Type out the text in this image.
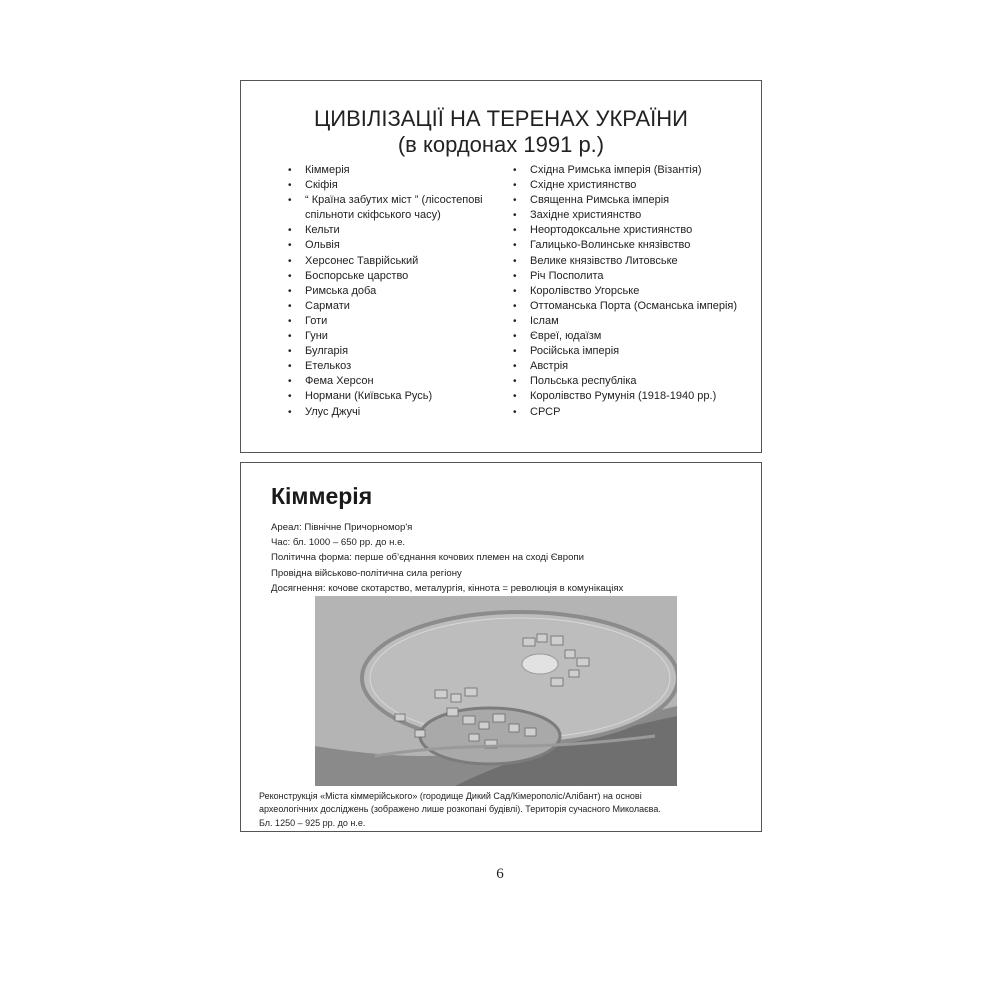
ЦИВІЛІЗАЦІЇ НА ТЕРЕНАХ УКРАЇНИ
(в кордонах 1991 р.)
• Кіммерія
• Скіфія
• “ Країна забутих міст ” (лісостепові спільноти скіфського часу)
• Кельти
• Ольвія
• Херсонес Таврійський
• Боспорське царство
• Римська доба
• Сармати
• Готи
• Гуни
• Булгарія
• Етелькоз
• Фема Херсон
• Нормани (Київська Русь)
• Улус Джучі
• Східна Римська імперія (Візантія)
• Східне християнство
• Священна Римська імперія
• Західне християнство
• Неортодоксальне християнство
• Галицько-Волинське князівство
• Велике князівство Литовське
• Річ Посполита
• Королівство Угорське
• Оттоманська Порта (Османська імперія)
• Іслам
• Євреї, юдаїзм
• Російська імперія
• Австрія
• Польська республіка
• Королівство Румунія (1918-1940 рр.)
• СРСР
Кіммерія
Ареал: Північне Причорномор'я
Час: бл. 1000 – 650 рр. до н.е.
Політична форма: перше об’єднання кочових племен на сході Європи
Провідна військово-політична сила регіону
Досягнення: кочове скотарство, металургія, кіннота = революція в комунікаціях
Реконструкція «Міста кіммерійського» (городище Дикий Сад/Кімерополіс/Алібант) на основі
археологічних досліджень (зображено лише розкопані будівлі). Територія сучасного Миколаєва.
Бл. 1250 – 925 рр. до н.е.
6
